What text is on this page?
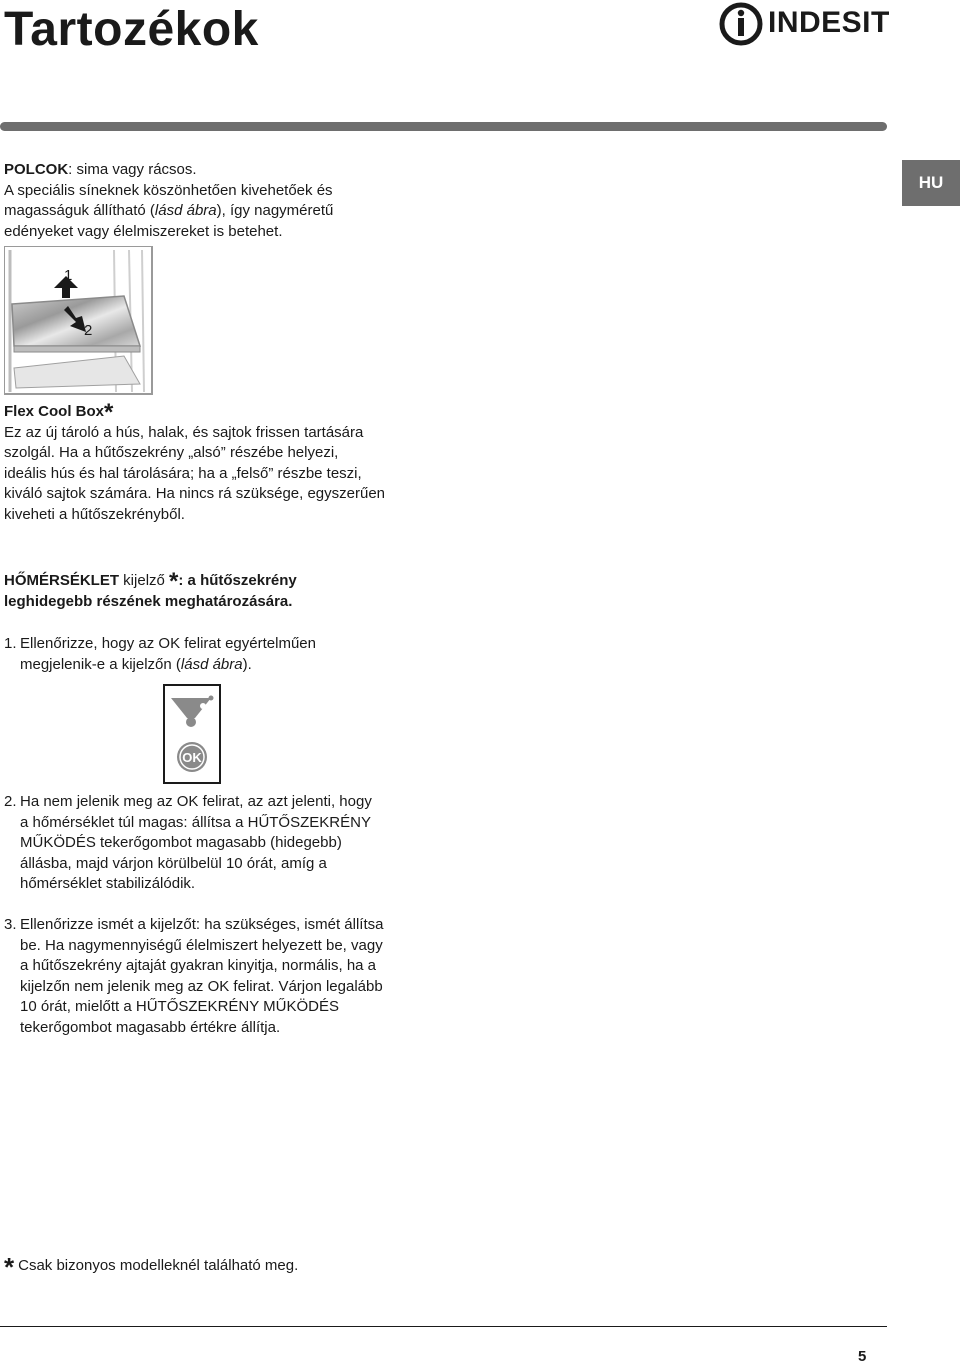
Tartozékok	INDESIT
HU

POLCOK: sima vagy rácsos.

A speciális síneknek köszönhetően kivehetőek és

magasságuk állítható (lásd ábra), így nagyméretű

edényeket vagy élelmiszereket is betehet.

1
2

Flex Cool Box*

Ez az új tároló a hús, halak, és sajtok frissen tartására

szolgál. Ha a hűtőszekrény „alsó” részébe helyezi,

ideális hús és hal tárolására; ha a „felső” részbe teszi,

kiváló sajtok számára. Ha nincs rá szüksége, egyszerűen

kiveheti a hűtőszekrényből.

HŐMÉRSÉKLET kijelző *: a hűtőszekrény

leghidegebb részének meghatározására.

1. Ellenőrizze, hogy az OK felirat egyértelműen
megjelenik-e a kijelzőn (lásd ábra).
OK
2. Ha nem jelenik meg az OK felirat, az azt jelenti, hogy
a hőmérséklet túl magas: állítsa a HŰTŐSZEKRÉNY
MŰKÖDÉS tekerőgombot magasabb (hidegebb)
állásba, majd várjon körülbelül 10 órát, amíg a
hőmérséklet stabilizálódik.
3. Ellenőrizze ismét a kijelzőt: ha szükséges, ismét állítsa
be. Ha nagymennyiségű élelmiszert helyezett be, vagy
a hűtőszekrény ajtaját gyakran kinyitja, normális, ha a
kijelzőn nem jelenik meg az OK felirat. Várjon legalább
10 órát, mielőtt a HŰTŐSZEKRÉNY MŰKÖDÉS
tekerőgombot magasabb értékre állítja.
* Csak bizonyos modelleknél található meg.
5
